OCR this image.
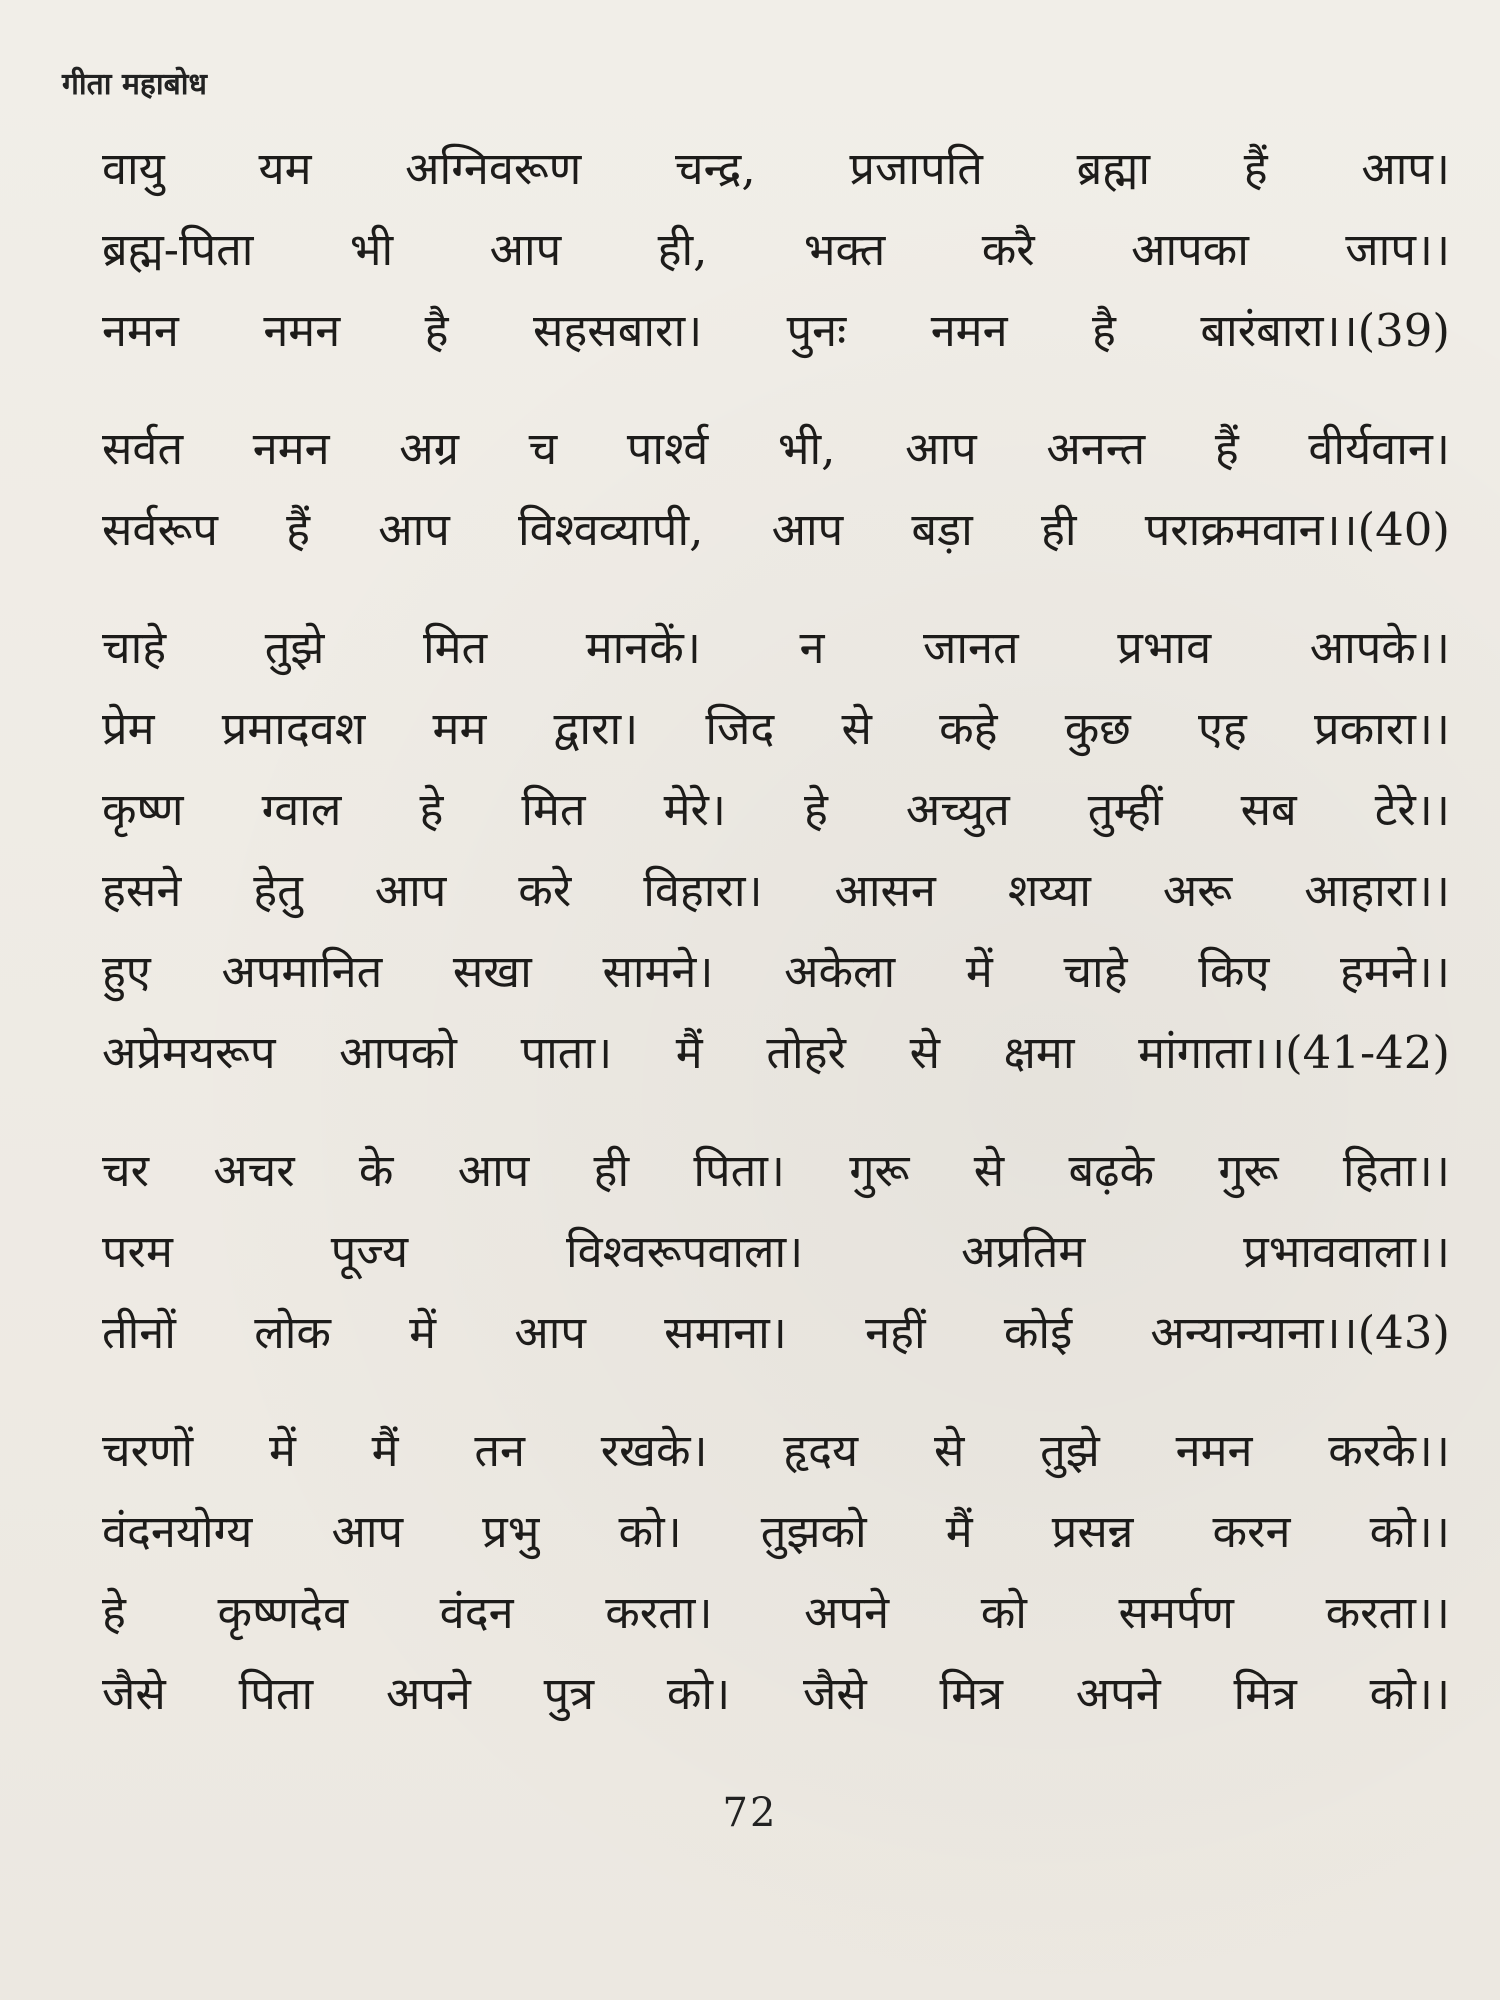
गीता महाबोध
वायु यम अग्निवरूण चन्द्र, प्रजापति ब्रह्मा हैं आप।
ब्रह्म-पिता भी आप ही, भक्त करै आपका जाप।।
नमन नमन है सहसबारा। पुनः नमन है बारंबारा।।(39)
सर्वत नमन अग्र च पार्श्व भी, आप अनन्त हैं वीर्यवान।
सर्वरूप हैं आप विश्वव्यापी, आप बड़ा ही पराक्रमवान।।(40)
चाहे तुझे मित मानकें। न जानत प्रभाव आपके।।
प्रेम प्रमादवश मम द्वारा। जिद से कहे कुछ एह प्रकारा।।
कृष्ण ग्वाल हे मित मेरे। हे अच्युत तुम्हीं सब टेरे।।
हसने हेतु आप करे विहारा। आसन शय्या अरू आहारा।।
हुए अपमानित सखा सामने। अकेला में चाहे किए हमने।।
अप्रेमयरूप आपको पाता। मैं तोहरे से क्षमा मांगाता।।(41-42)
चर अचर के आप ही पिता। गुरू से बढ़के गुरू हिता।।
परम	पूज्य	विश्वरूपवाला।	अप्रतिम	प्रभाववाला।।
तीनों लोक में आप समाना। नहीं कोई अन्यान्याना।।(43)
चरणों में मैं तन रखके। हृदय से तुझे नमन करके।।
वंदनयोग्य आप प्रभु को। तुझको मैं प्रसन्न करन को।।
हे कृष्णदेव वंदन करता। अपने को समर्पण करता।।
जैसे पिता अपने पुत्र को। जैसे मित्र अपने मित्र को।।
72
